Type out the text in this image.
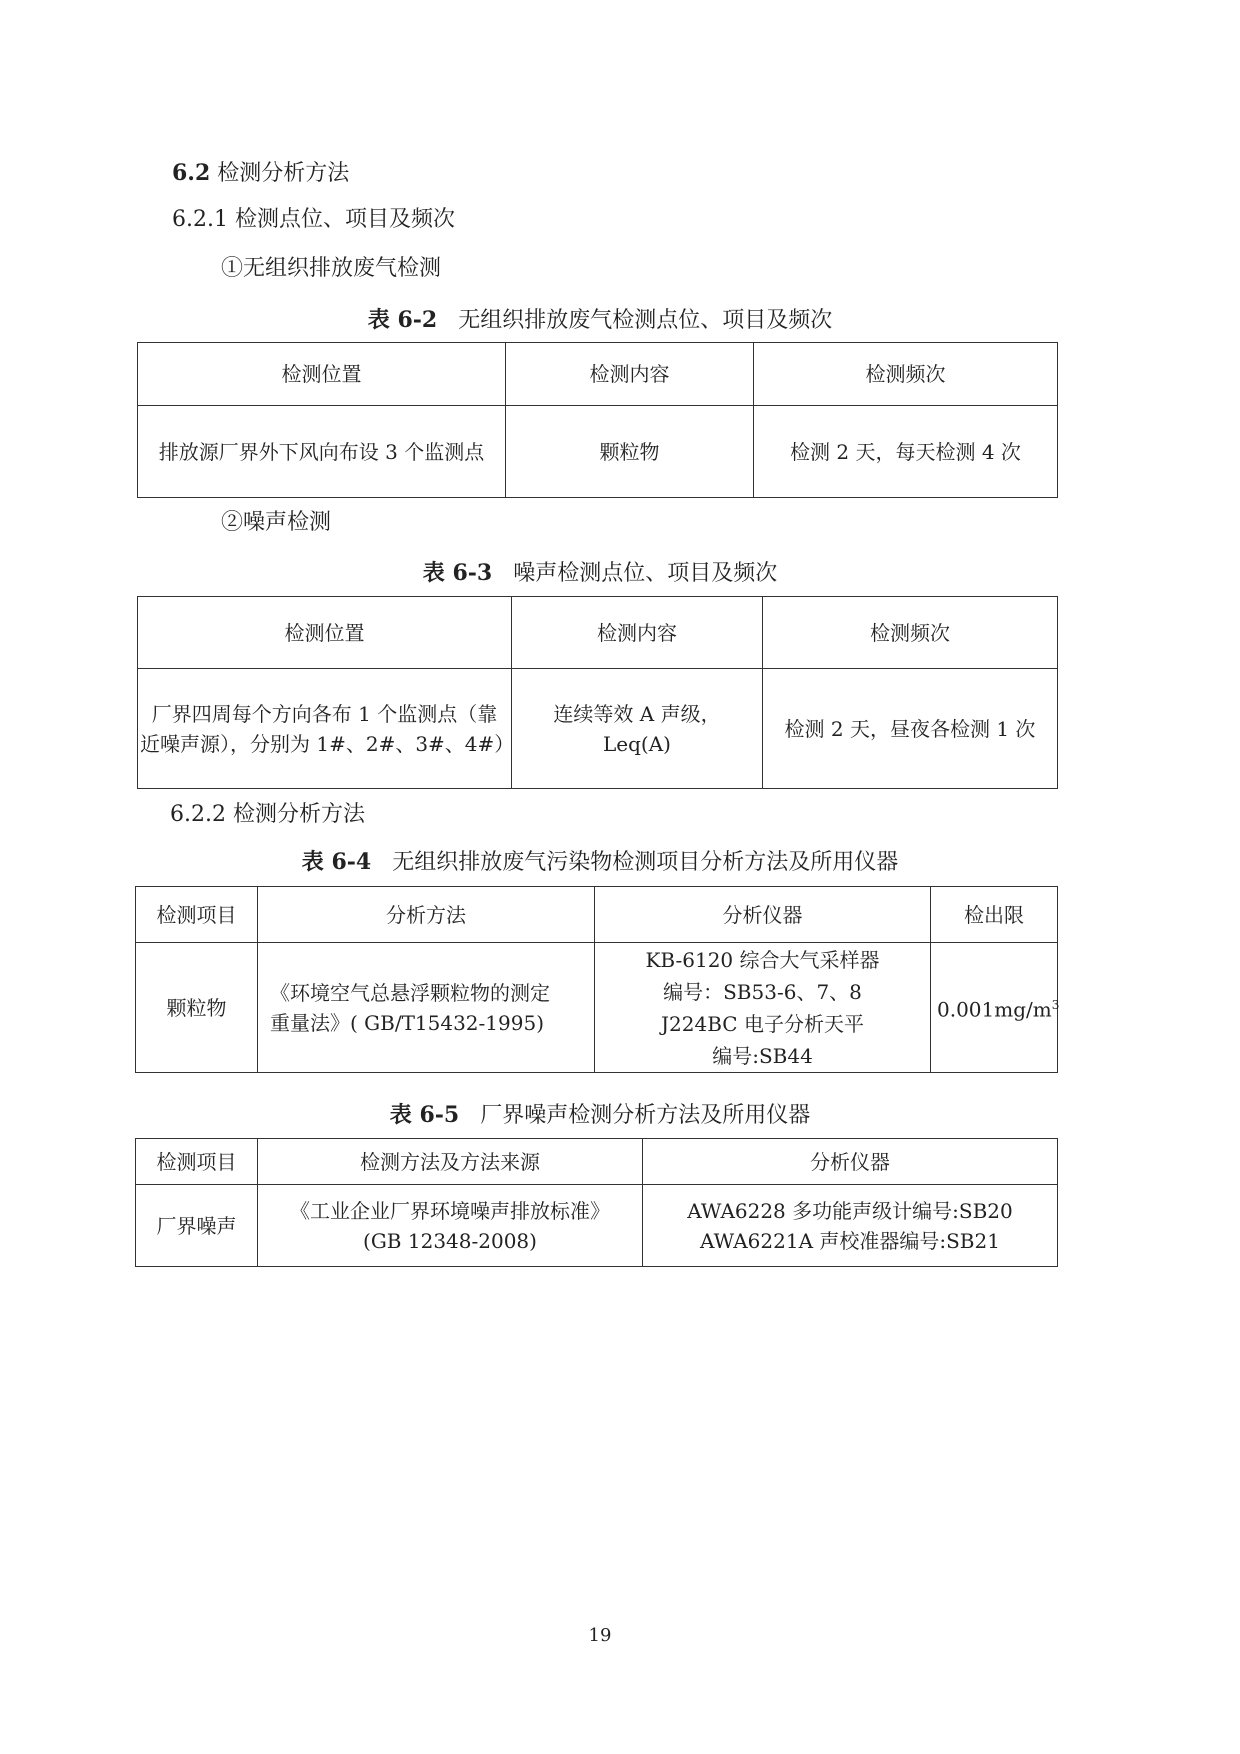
6.2 检测分析方法
6.2.1 检测点位、项目及频次
①无组织排放废气检测
表 6-2 无组织排放废气检测点位、项目及频次
检测位置	检测内容	检测频次
排放源厂界外下风向布设 3 个监测点	颗粒物	检测 2 天，每天检测 4 次
②噪声检测
表 6-3 噪声检测点位、项目及频次
检测位置	检测内容	检测频次

厂界四周每个方向各布 1 个监测点（靠
近噪声源），分别为 1#、2#、3#、4#）	连续等效 A 声级，
Leq(A)	检测 2 天，昼夜各检测 1 次
6.2.2 检测分析方法
表 6-4 无组织排放废气污染物检测项目分析方法及所用仪器
检测项目	分析方法	分析仪器	检出限
颗粒物	《环境空气总悬浮颗粒物的测定
重量法》( GB/T15432-1995)	KB-6120 综合大气采样器
编号：SB53-6、7、8
J224BC 电子分析天平
编号:SB44	$0.001mg/m^3$
表 6-5 厂界噪声检测分析方法及所用仪器
检测项目	检测方法及方法来源	分析仪器
厂界噪声	《工业企业厂界环境噪声排放标准》
(GB 12348-2008)	AWA6228 多功能声级计编号:SB20
AWA6221A 声校准器编号:SB21
19
